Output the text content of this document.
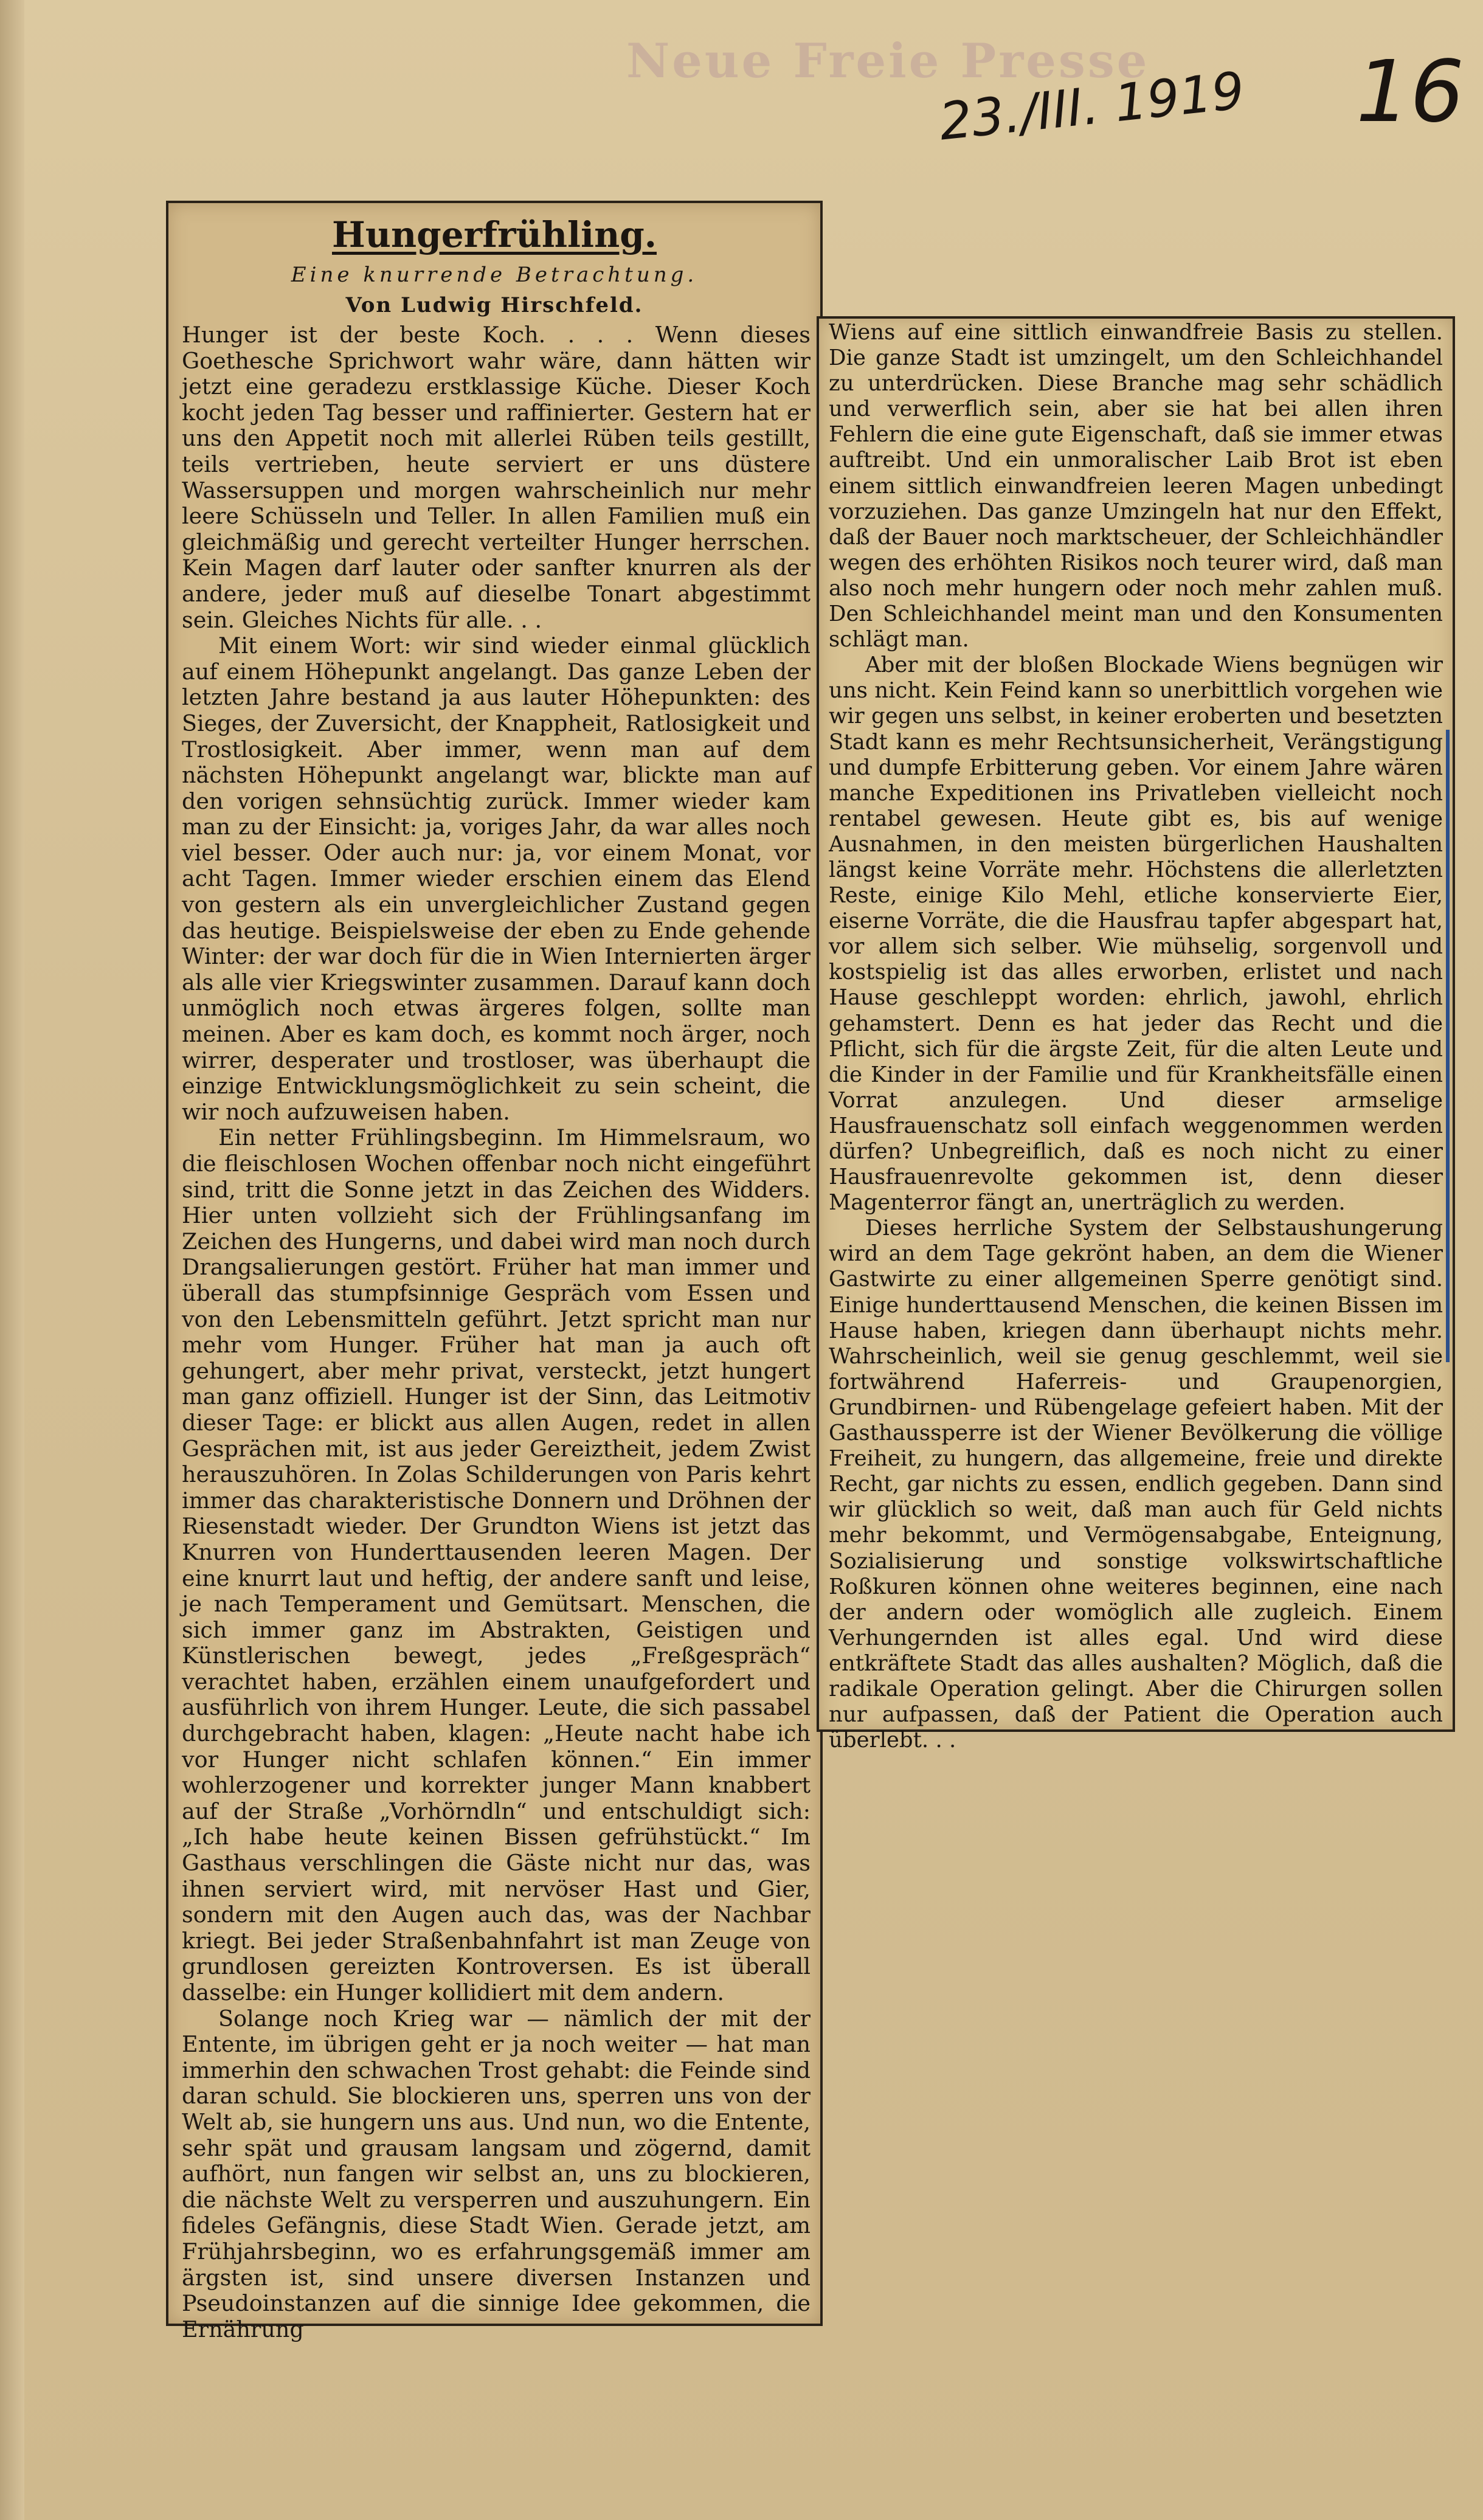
Neue Freie Presse
23./III. 1919 16
Hungerfrühling.
Eine knurrende Betrachtung.
Von Ludwig Hirschfeld.

Hunger ist der beste Koch. . . . Wenn dieses Goethesche Sprichwort wahr wäre, dann hätten wir jetzt eine geradezu erstklassige Küche. Dieser Koch kocht jeden Tag besser und raffinierter. Gestern hat er uns den Appetit noch mit allerlei Rüben teils gestillt, teils vertrieben, heute serviert er uns düstere Wassersuppen und morgen wahrscheinlich nur mehr leere Schüsseln und Teller. In allen Familien muß ein gleichmäßig und gerecht verteilter Hunger herrschen. Kein Magen darf lauter oder sanfter knurren als der andere, jeder muß auf dieselbe Tonart abgestimmt sein. Gleiches Nichts für alle. . .

Mit einem Wort: wir sind wieder einmal glücklich auf einem Höhepunkt angelangt. Das ganze Leben der letzten Jahre bestand ja aus lauter Höhepunkten: des Sieges, der Zuversicht, der Knappheit, Ratlosigkeit und Trostlosigkeit. Aber immer, wenn man auf dem nächsten Höhepunkt angelangt war, blickte man auf den vorigen sehnsüchtig zurück. Immer wieder kam man zu der Einsicht: ja, voriges Jahr, da war alles noch viel besser. Oder auch nur: ja, vor einem Monat, vor acht Tagen. Immer wieder erschien einem das Elend von gestern als ein unvergleichlicher Zustand gegen das heutige. Beispielsweise der eben zu Ende gehende Winter: der war doch für die in Wien Internierten ärger als alle vier Kriegswinter zusammen. Darauf kann doch unmöglich noch etwas ärgeres folgen, sollte man meinen. Aber es kam doch, es kommt noch ärger, noch wirrer, desperater und trostloser, was überhaupt die einzige Entwicklungsmöglichkeit zu sein scheint, die wir noch aufzuweisen haben.

Ein netter Frühlingsbeginn. Im Himmelsraum, wo die fleischlosen Wochen offenbar noch nicht eingeführt sind, tritt die Sonne jetzt in das Zeichen des Widders. Hier unten vollzieht sich der Frühlingsanfang im Zeichen des Hungerns, und dabei wird man noch durch Drangsalierungen gestört. Früher hat man immer und überall das stumpfsinnige Gespräch vom Essen und von den Lebensmitteln geführt. Jetzt spricht man nur mehr vom Hunger. Früher hat man ja auch oft gehungert, aber mehr privat, versteckt, jetzt hungert man ganz offiziell. Hunger ist der Sinn, das Leitmotiv dieser Tage: er blickt aus allen Augen, redet in allen Gesprächen mit, ist aus jeder Gereiztheit, jedem Zwist herauszuhören. In Zolas Schilderungen von Paris kehrt immer das charakteristische Donnern und Dröhnen der Riesenstadt wieder. Der Grundton Wiens ist jetzt das Knurren von Hunderttausenden leeren Magen. Der eine knurrt laut und heftig, der andere sanft und leise, je nach Temperament und Gemütsart. Menschen, die sich immer ganz im Abstrakten, Geistigen und Künstlerischen bewegt, jedes „Freßgespräch“ verachtet haben, erzählen einem unaufgefordert und ausführlich von ihrem Hunger. Leute, die sich passabel durchgebracht haben, klagen: „Heute nacht habe ich vor Hunger nicht schlafen können.“ Ein immer wohlerzogener und korrekter junger Mann knabbert auf der Straße „Vorhörndln“ und entschuldigt sich: „Ich habe heute keinen Bissen gefrühstückt.“ Im Gasthaus verschlingen die Gäste nicht nur das, was ihnen serviert wird, mit nervöser Hast und Gier, sondern mit den Augen auch das, was der Nachbar kriegt. Bei jeder Straßenbahnfahrt ist man Zeuge von grundlosen gereizten Kontroversen. Es ist überall dasselbe: ein Hunger kollidiert mit dem andern.

Solange noch Krieg war — nämlich der mit der Entente, im übrigen geht er ja noch weiter — hat man immerhin den schwachen Trost gehabt: die Feinde sind daran schuld. Sie blockieren uns, sperren uns von der Welt ab, sie hungern uns aus. Und nun, wo die Entente, sehr spät und grausam langsam und zögernd, damit aufhört, nun fangen wir selbst an, uns zu blockieren, die nächste Welt zu versperren und auszuhungern. Ein fideles Gefängnis, diese Stadt Wien. Gerade jetzt, am Frühjahrsbeginn, wo es erfahrungsgemäß immer am ärgsten ist, sind unsere diversen Instanzen und Pseudoinstanzen auf die sinnige Idee gekommen, die Ernährung

Wiens auf eine sittlich einwandfreie Basis zu stellen. Die ganze Stadt ist umzingelt, um den Schleichhandel zu unterdrücken. Diese Branche mag sehr schädlich und verwerflich sein, aber sie hat bei allen ihren Fehlern die eine gute Eigenschaft, daß sie immer etwas auftreibt. Und ein unmoralischer Laib Brot ist eben einem sittlich einwandfreien leeren Magen unbedingt vorzuziehen. Das ganze Umzingeln hat nur den Effekt, daß der Bauer noch marktscheuer, der Schleichhändler wegen des erhöhten Risikos noch teurer wird, daß man also noch mehr hungern oder noch mehr zahlen muß. Den Schleichhandel meint man und den Konsumenten schlägt man.

Aber mit der bloßen Blockade Wiens begnügen wir uns nicht. Kein Feind kann so unerbittlich vorgehen wie wir gegen uns selbst, in keiner eroberten und besetzten Stadt kann es mehr Rechtsunsicherheit, Verängstigung und dumpfe Erbitterung geben. Vor einem Jahre wären manche Expeditionen ins Privatleben vielleicht noch rentabel gewesen. Heute gibt es, bis auf wenige Ausnahmen, in den meisten bürgerlichen Haushalten längst keine Vorräte mehr. Höchstens die allerletzten Reste, einige Kilo Mehl, etliche konservierte Eier, eiserne Vorräte, die die Hausfrau tapfer abgespart hat, vor allem sich selber. Wie mühselig, sorgenvoll und kostspielig ist das alles erworben, erlistet und nach Hause geschleppt worden: ehrlich, jawohl, ehrlich gehamstert. Denn es hat jeder das Recht und die Pflicht, sich für die ärgste Zeit, für die alten Leute und die Kinder in der Familie und für Krankheitsfälle einen Vorrat anzulegen. Und dieser armselige Hausfrauenschatz soll einfach weggenommen werden dürfen? Unbegreiflich, daß es noch nicht zu einer Hausfrauenrevolte gekommen ist, denn dieser Magenterror fängt an, unerträglich zu werden.

Dieses herrliche System der Selbstaushungerung wird an dem Tage gekrönt haben, an dem die Wiener Gastwirte zu einer allgemeinen Sperre genötigt sind. Einige hunderttausend Menschen, die keinen Bissen im Hause haben, kriegen dann überhaupt nichts mehr. Wahrscheinlich, weil sie genug geschlemmt, weil sie fortwährend Haferreis- und Graupenorgien, Grundbirnen- und Rübengelage gefeiert haben. Mit der Gasthaussperre ist der Wiener Bevölkerung die völlige Freiheit, zu hungern, das allgemeine, freie und direkte Recht, gar nichts zu essen, endlich gegeben. Dann sind wir glücklich so weit, daß man auch für Geld nichts mehr bekommt, und Vermögensabgabe, Enteignung, Sozialisierung und sonstige volkswirtschaftliche Roßkuren können ohne weiteres beginnen, eine nach der andern oder womöglich alle zugleich. Einem Verhungernden ist alles egal. Und wird diese entkräftete Stadt das alles aushalten? Möglich, daß die radikale Operation gelingt. Aber die Chirurgen sollen nur aufpassen, daß der Patient die Operation auch überlebt. . .
